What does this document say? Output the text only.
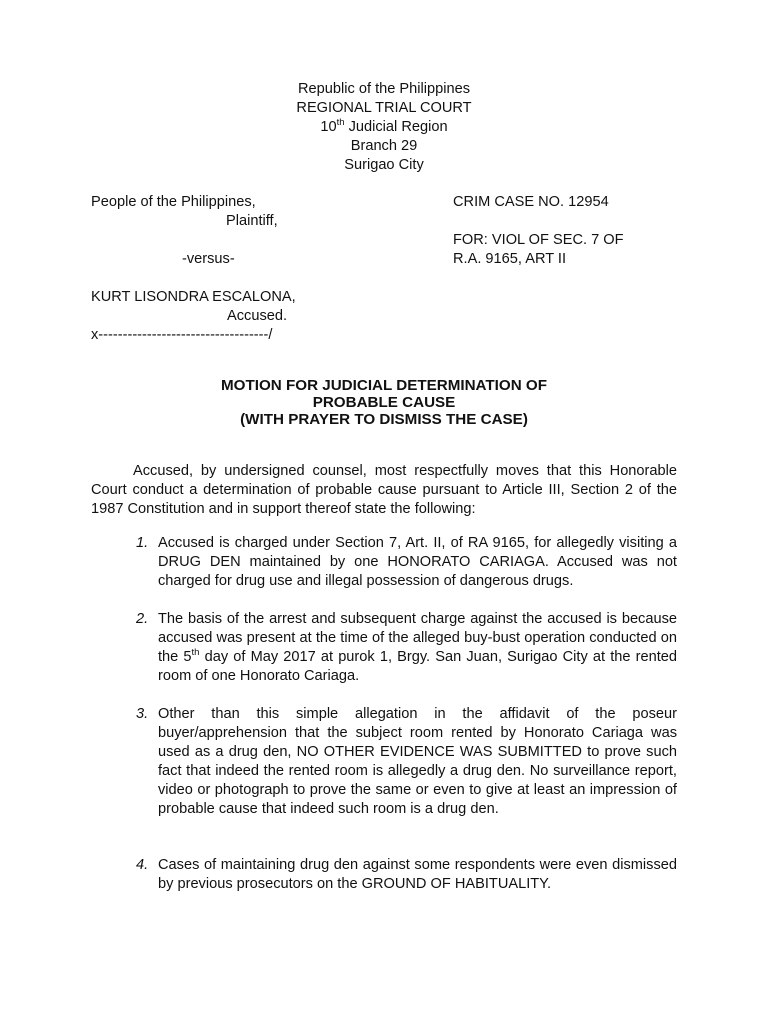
Republic of the Philippines
REGIONAL TRIAL COURT
10th Judicial Region
Branch 29
Surigao City
People of the Philippines,
Plaintiff,
-versus-
KURT LISONDRA ESCALONA,
Accused.
x-----------------------------------/
CRIM CASE NO. 12954
FOR: VIOL OF SEC. 7 OF
R.A. 9165, ART II
MOTION FOR JUDICIAL DETERMINATION OF
PROBABLE CAUSE
(WITH PRAYER TO DISMISS THE CASE)
Accused, by undersigned counsel, most respectfully moves that this Honorable Court conduct a determination of probable cause pursuant to Article III, Section 2 of the 1987 Constitution and in support thereof state the following:
1. Accused is charged under Section 7, Art. II, of RA 9165, for allegedly visiting a DRUG DEN maintained by one HONORATO CARIAGA. Accused was not charged for drug use and illegal possession of dangerous drugs.
2. The basis of the arrest and subsequent charge against the accused is because accused was present at the time of the alleged buy-bust operation conducted on the 5th day of May 2017 at purok 1, Brgy. San Juan, Surigao City at the rented room of one Honorato Cariaga.
3. Other than this simple allegation in the affidavit of the poseur buyer/apprehension that the subject room rented by Honorato Cariaga was used as a drug den, NO OTHER EVIDENCE WAS SUBMITTED to prove such fact that indeed the rented room is allegedly a drug den. No surveillance report, video or photograph to prove the same or even to give at least an impression of probable cause that indeed such room is a drug den.
4. Cases of maintaining drug den against some respondents were even dismissed by previous prosecutors on the GROUND OF HABITUALITY.
